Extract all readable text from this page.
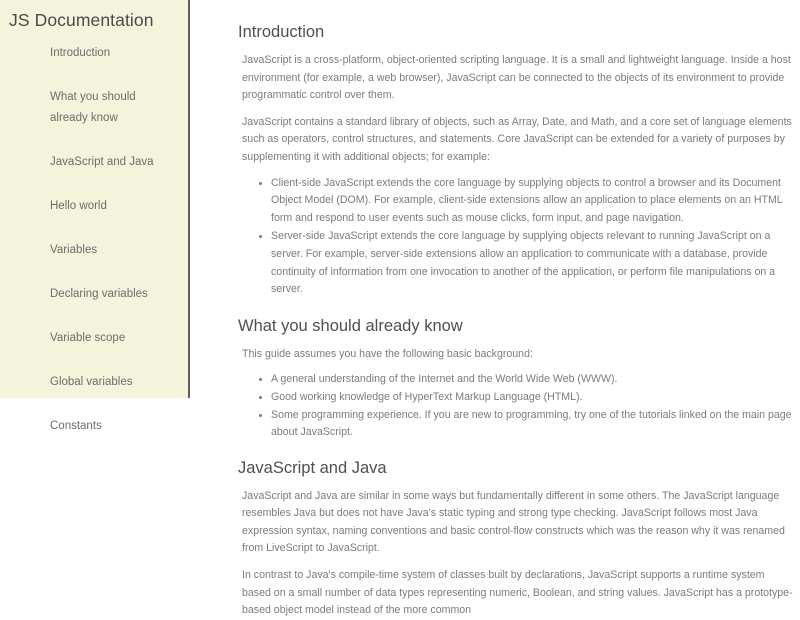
JS Documentation
Introduction
What you should already know
JavaScript and Java
Hello world
Variables
Declaring variables
Variable scope
Global variables
Constants
Introduction

JavaScript is a cross-platform, object-oriented scripting language. It is a small and lightweight language. Inside a host environment (for example, a web browser), JavaScript can be connected to the objects of its environment to provide programmatic control over them.

JavaScript contains a standard library of objects, such as Array, Date, and Math, and a core set of language elements such as operators, control structures, and statements. Core JavaScript can be extended for a variety of purposes by supplementing it with additional objects; for example:

Client-side JavaScript extends the core language by supplying objects to control a browser and its Document Object Model (DOM). For example, client-side extensions allow an application to place elements on an HTML form and respond to user events such as mouse clicks, form input, and page navigation.
Server-side JavaScript extends the core language by supplying objects relevant to running JavaScript on a server. For example, server-side extensions allow an application to communicate with a database, provide continuity of information from one invocation to another of the application, or perform file manipulations on a server.
What you should already know

This guide assumes you have the following basic background:

A general understanding of the Internet and the World Wide Web (WWW).
Good working knowledge of HyperText Markup Language (HTML).
Some programming experience. If you are new to programming, try one of the tutorials linked on the main page about JavaScript.
JavaScript and Java

JavaScript and Java are similar in some ways but fundamentally different in some others. The JavaScript language resembles Java but does not have Java's static typing and strong type checking. JavaScript follows most Java expression syntax, naming conventions and basic control-flow constructs which was the reason why it was renamed from LiveScript to JavaScript.

In contrast to Java's compile-time system of classes built by declarations, JavaScript supports a runtime system based on a small number of data types representing numeric, Boolean, and string values. JavaScript has a prototype-based object model instead of the more common
